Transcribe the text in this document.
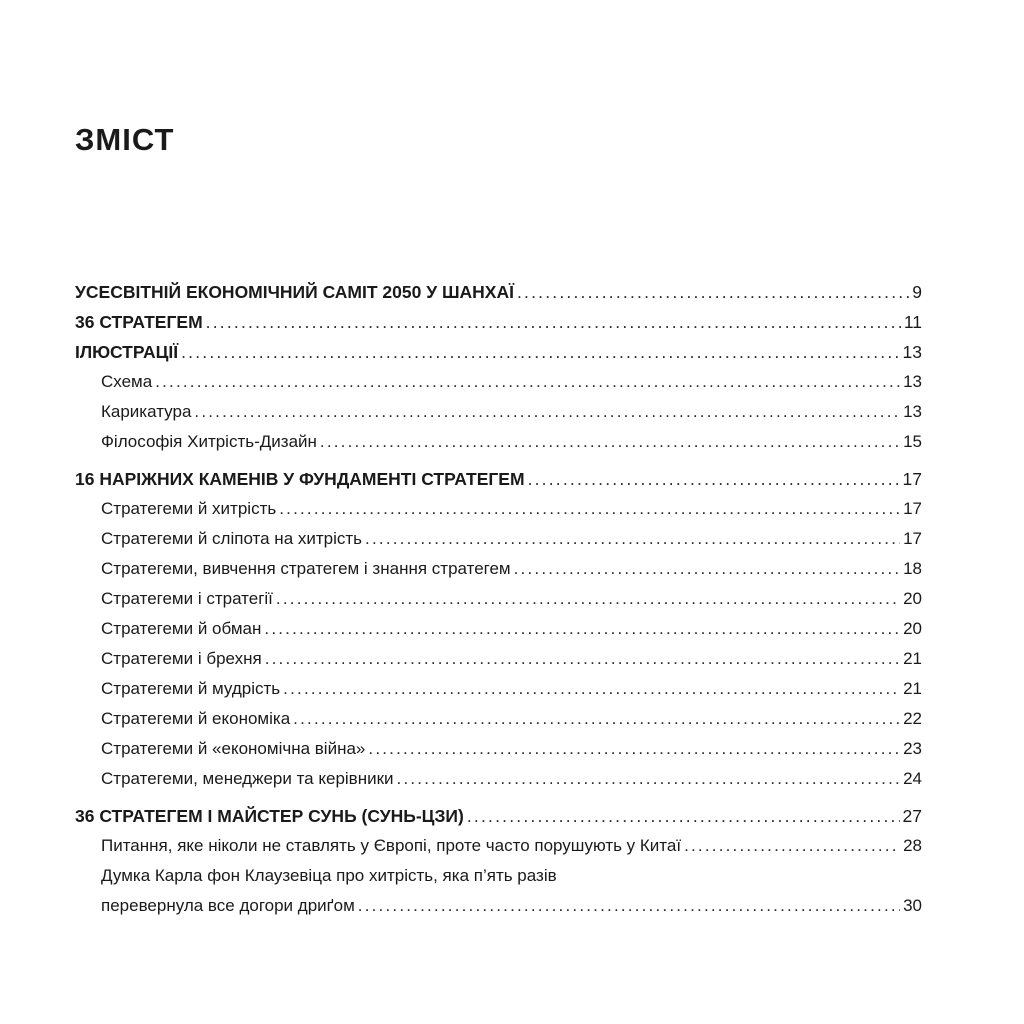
ЗМІСТ
УСЕСВІТНІЙ ЕКОНОМІЧНИЙ САМІТ 2050 У ШАНХАЇ .....	9
36 СТРАТЕГЕМ .....	11
ІЛЮСТРАЦІЇ .....	13
Схема .....	13
Карикатура .....	13
Філософія Хитрість-Дизайн .....	15
16 НАРІЖНИХ КАМЕНІВ У ФУНДАМЕНТІ СТРАТЕГЕМ .....	17
Стратегеми й хитрість .....	17
Стратегеми й сліпота на хитрість .....	17
Стратегеми, вивчення стратегем і знання стратегем .....	18
Стратегеми і стратегії .....	20
Стратегеми й обман .....	20
Стратегеми і брехня .....	21
Стратегеми й мудрість .....	21
Стратегеми й економіка .....	22
Стратегеми й «економічна війна» .....	23
Стратегеми, менеджери та керівники .....	24
36 СТРАТЕГЕМ І МАЙСТЕР СУНЬ (СУНЬ-ЦЗИ) .....	27
Питання, яке ніколи не ставлять у Європі, проте часто порушують у Китаї .....	28
Думка Карла фон Клаузевіца про хитрість, яка п’ять разів
перевернула все догори дриґом .....	30
